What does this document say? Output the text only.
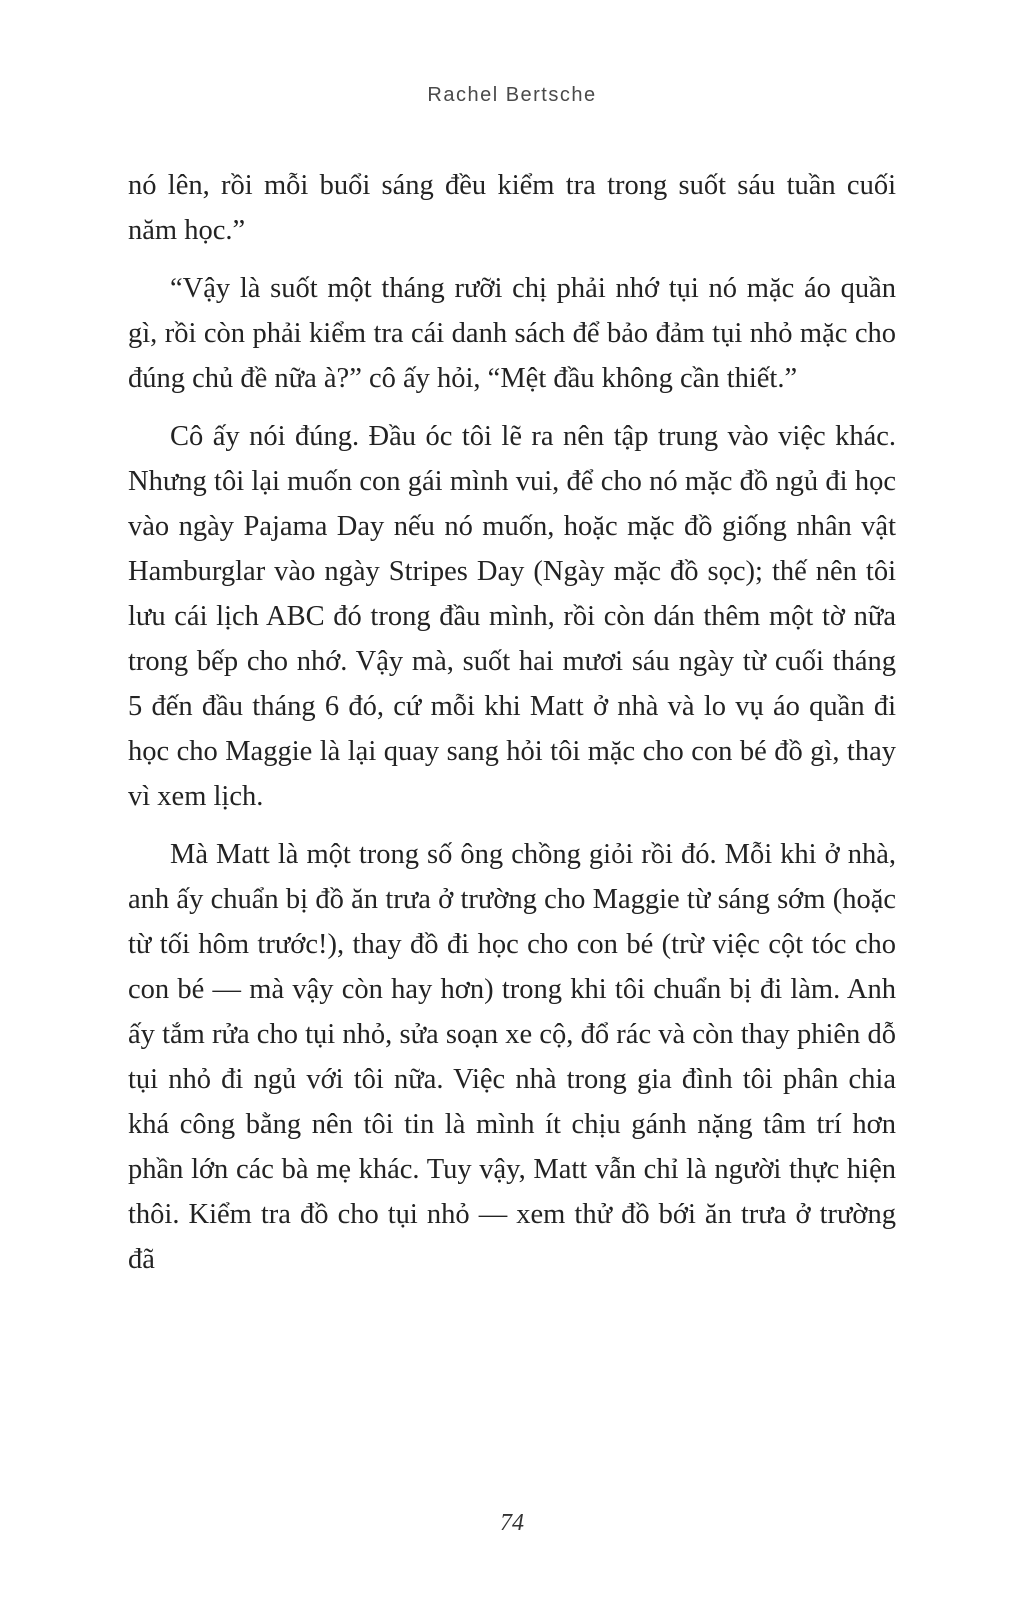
Rachel Bertsche

nó lên, rồi mỗi buổi sáng đều kiểm tra trong suốt sáu tuần cuối năm học.”

“Vậy là suốt một tháng rưỡi chị phải nhớ tụi nó mặc áo quần gì, rồi còn phải kiểm tra cái danh sách để bảo đảm tụi nhỏ mặc cho đúng chủ đề nữa à?” cô ấy hỏi, “Mệt đầu không cần thiết.”

Cô ấy nói đúng. Đầu óc tôi lẽ ra nên tập trung vào việc khác. Nhưng tôi lại muốn con gái mình vui, để cho nó mặc đồ ngủ đi học vào ngày Pajama Day nếu nó muốn, hoặc mặc đồ giống nhân vật Hamburglar vào ngày Stripes Day (Ngày mặc đồ sọc); thế nên tôi lưu cái lịch ABC đó trong đầu mình, rồi còn dán thêm một tờ nữa trong bếp cho nhớ. Vậy mà, suốt hai mươi sáu ngày từ cuối tháng 5 đến đầu tháng 6 đó, cứ mỗi khi Matt ở nhà và lo vụ áo quần đi học cho Maggie là lại quay sang hỏi tôi mặc cho con bé đồ gì, thay vì xem lịch.

Mà Matt là một trong số ông chồng giỏi rồi đó. Mỗi khi ở nhà, anh ấy chuẩn bị đồ ăn trưa ở trường cho Maggie từ sáng sớm (hoặc từ tối hôm trước!), thay đồ đi học cho con bé (trừ việc cột tóc cho con bé — mà vậy còn hay hơn) trong khi tôi chuẩn bị đi làm. Anh ấy tắm rửa cho tụi nhỏ, sửa soạn xe cộ, đổ rác và còn thay phiên dỗ tụi nhỏ đi ngủ với tôi nữa. Việc nhà trong gia đình tôi phân chia khá công bằng nên tôi tin là mình ít chịu gánh nặng tâm trí hơn phần lớn các bà mẹ khác. Tuy vậy, Matt vẫn chỉ là người thực hiện thôi. Kiểm tra đồ cho tụi nhỏ — xem thử đồ bới ăn trưa ở trường đã

74
